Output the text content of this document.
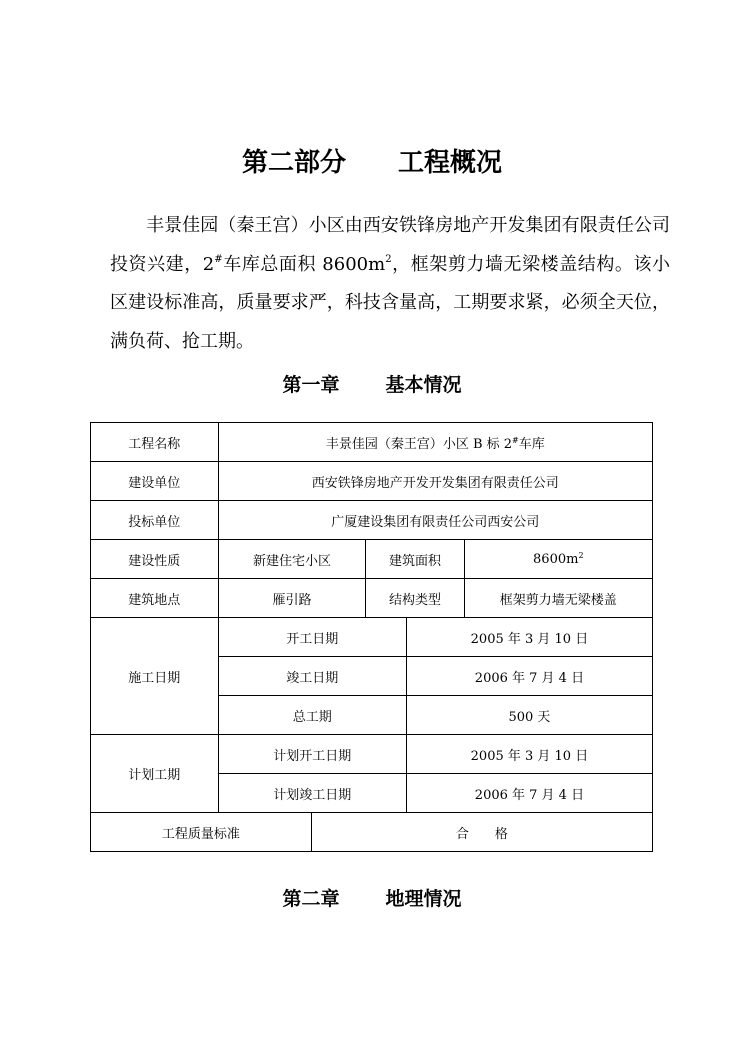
第二部分 工程概况
丰景佳园（秦王宫）小区由西安铁锋房地产开发集团有限责任公司投资兴建，2#车库总面积 $8600m^2$，框架剪力墙无梁楼盖结构。该小区建设标准高，质量要求严，科技含量高，工期要求紧，必须全天位，满负荷、抢工期。
第一章 基本情况
工程名称	丰景佳园（秦王宫）小区 B 标 2#车库				
建设单位	西安铁锋房地产开发开发集团有限责任公司				
投标单位	广厦建设集团有限责任公司西安公司				
建设性质	新建住宅小区		建筑面积		$8600m^2$
建筑地点	雁引路		结构类型		框架剪力墙无梁楼盖
施工日期	开工日期			2005 年 3 月 10 日	
	竣工日期			2006 年 7 月 4 日	
	总工期			500 天	
计划工期	计划开工日期			2005 年 3 月 10 日	
	计划竣工日期			2006 年 7 月 4 日	
工程质量标准		合　　格			
第二章 地理情况
